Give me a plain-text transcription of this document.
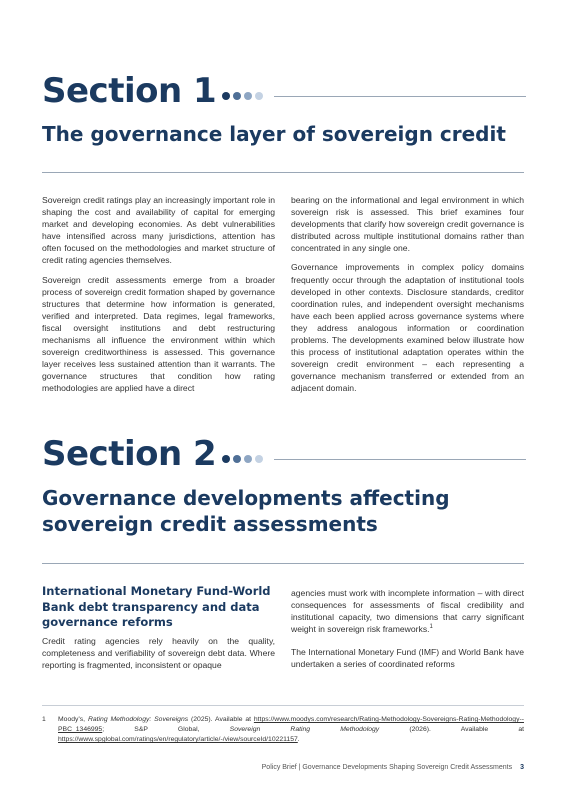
Section 1
The governance layer of sovereign credit

Sovereign credit ratings play an increasingly important role in shaping the cost and availability of capital for emerging market and developing economies. As debt vulnerabilities have intensified across many jurisdictions, attention has often focused on the methodologies and market structure of credit rating agencies themselves.

Sovereign credit assessments emerge from a broader process of sovereign credit formation shaped by governance structures that determine how information is generated, verified and interpreted. Data regimes, legal frameworks, fiscal oversight institutions and debt restructuring mechanisms all influence the environment within which sovereign creditworthiness is assessed. This governance layer receives less sustained attention than it warrants. The governance structures that condition how rating methodologies are applied have a direct

bearing on the informational and legal environment in which sovereign risk is assessed. This brief examines four developments that clarify how sovereign credit governance is distributed across multiple institutional domains rather than concentrated in any single one.

Governance improvements in complex policy domains frequently occur through the adaptation of institutional tools developed in other contexts. Disclosure standards, creditor coordination rules, and independent oversight mechanisms have each been applied across governance systems where they address analogous information or coordination problems. The developments examined below illustrate how this process of institutional adaptation operates within the sovereign credit environment – each representing a governance mechanism transferred or extended from an adjacent domain.

Section 2
Governance developments affecting sovereign credit assessments
International Monetary Fund-World Bank debt transparency and data governance reforms

Credit rating agencies rely heavily on the quality, completeness and verifiability of sovereign debt data. Where reporting is fragmented, inconsistent or opaque

agencies must work with incomplete information – with direct consequences for assessments of fiscal credibility and institutional capacity, two dimensions that carry significant weight in sovereign risk frameworks.$^1$

The International Monetary Fund (IMF) and World Bank have undertaken a series of coordinated reforms

1	Moody’s, Rating Methodology: Sovereigns (2025). Available at https://www.moodys.com/research/Rating-Methodology-Sovereigns-Rating-Methodology--PBC_1346995; S&P Global, Sovereign Rating Methodology (2026). Available at https://www.spglobal.com/ratings/en/regulatory/article/-/view/sourceId/10221157.
Policy Brief | Governance Developments Shaping Sovereign Credit Assessments 3
